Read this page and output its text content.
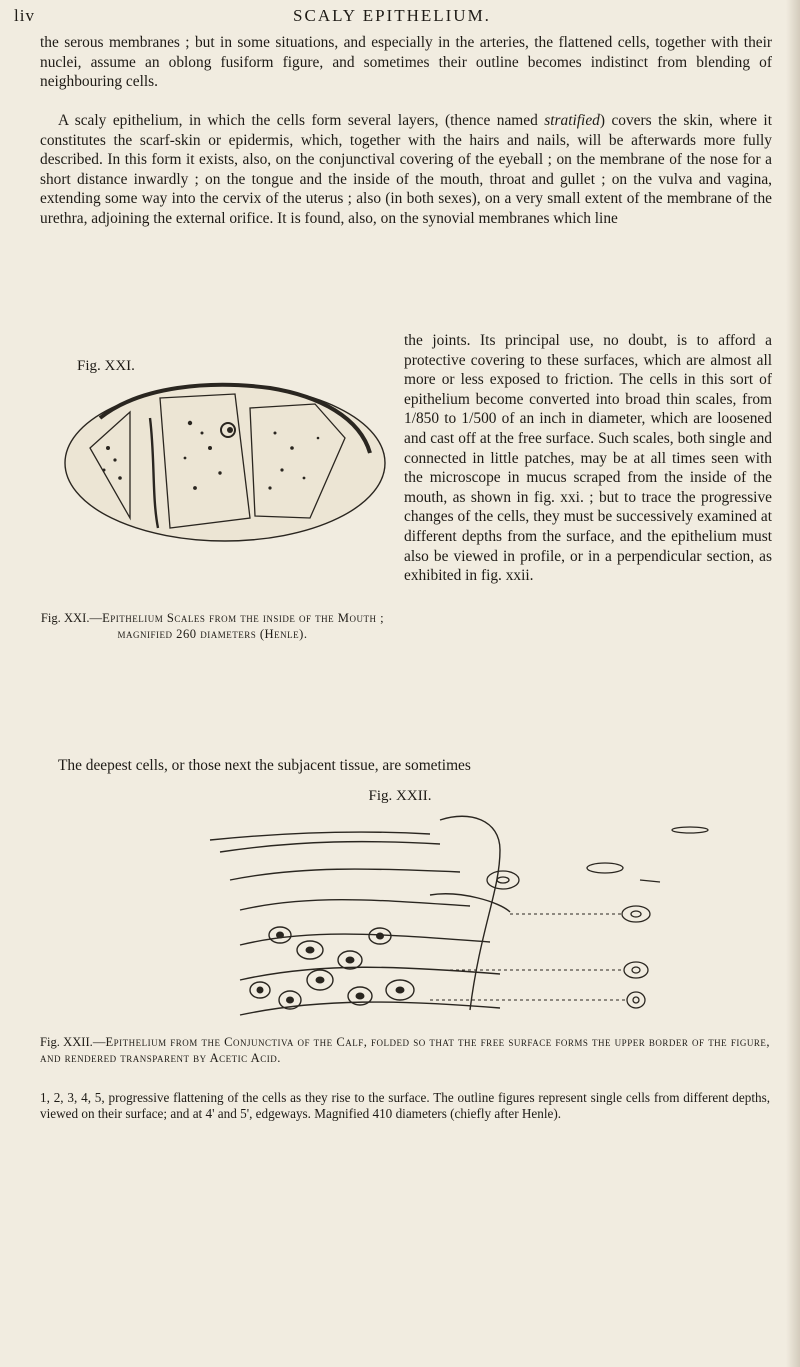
liv	SCALY EPITHELIUM.

the serous membranes ; but in some situations, and especially in the arteries, the flattened cells, together with their nuclei, assume an oblong fusiform figure, and sometimes their outline becomes indistinct from blending of neighbouring cells.

A scaly epithelium, in which the cells form several layers, (thence named stratified) covers the skin, where it constitutes the scarf-skin or epidermis, which, together with the hairs and nails, will be afterwards more fully described. In this form it exists, also, on the conjunctival covering of the eyeball ; on the membrane of the nose for a short distance inwardly ; on the tongue and the inside of the mouth, throat and gullet ; on the vulva and vagina, extending some way into the cervix of the uterus ; also (in both sexes), on a very small extent of the membrane of the urethra, adjoining the external orifice. It is found, also, on the synovial membranes which line

the joints. Its principal use, no doubt, is to afford a protective covering to these surfaces, which are almost all more or less exposed to friction. The cells in this sort of epithelium become converted into broad thin scales, from 1/850 to 1/500 of an inch in diameter, which are loosened and cast off at the free surface. Such scales, both single and connected in little patches, may be at all times seen with the microscope in mucus scraped from the inside of the mouth, as shown in fig. xxi. ; but to trace the progressive changes of the cells, they must be successively examined at different depths from the surface, and the epithelium must also be viewed in profile, or in a perpendicular section, as exhibited in fig. xxii.
Fig. XXI.
Fig. XXI.—Epithelium Scales from the inside of the Mouth ; magnified 260 diameters (Henle).

The deepest cells, or those next the subjacent tissue, are sometimes

Fig. XXII.
Fig. XXII.—Epithelium from the Conjunctiva of the Calf, folded so that the free surface forms the upper border of the figure, and rendered transparent by Acetic Acid.
1, 2, 3, 4, 5, progressive flattening of the cells as they rise to the surface. The outline figures represent single cells from different depths, viewed on their surface; and at 4' and 5', edgeways. Magnified 410 diameters (chiefly after Henle).
